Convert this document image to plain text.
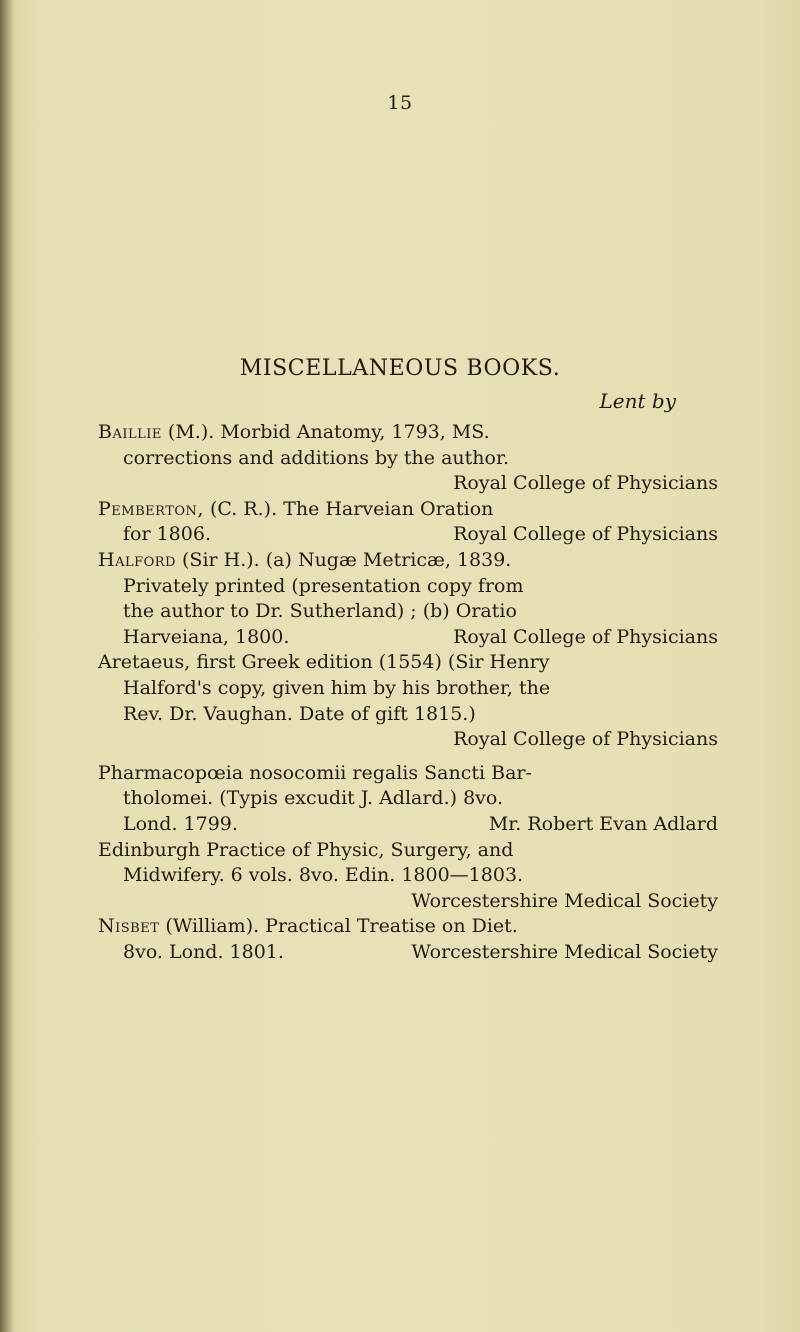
15
MISCELLANEOUS BOOKS.
Lent by
Baillie (M.). Morbid Anatomy, 1793, MS.
corrections and additions by the author.
Royal College of Physicians
Pemberton, (C. R.). The Harveian Oration
for 1806.	Royal College of Physicians
Halford (Sir H.). (a) Nugæ Metricæ, 1839.
Privately printed (presentation copy from
the author to Dr. Sutherland) ; (b) Oratio
Harveiana, 1800.	Royal College of Physicians
Aretaeus, first Greek edition (1554) (Sir Henry
Halford's copy, given him by his brother, the
Rev. Dr. Vaughan. Date of gift 1815.)
Royal College of Physicians
Pharmacopœia nosocomii regalis Sancti Bar-
tholomei. (Typis excudit J. Adlard.) 8vo.
Lond. 1799.	Mr. Robert Evan Adlard
Edinburgh Practice of Physic, Surgery, and
Midwifery. 6 vols. 8vo. Edin. 1800—1803.
Worcestershire Medical Society
Nisbet (William). Practical Treatise on Diet.
8vo. Lond. 1801.	Worcestershire Medical Society
